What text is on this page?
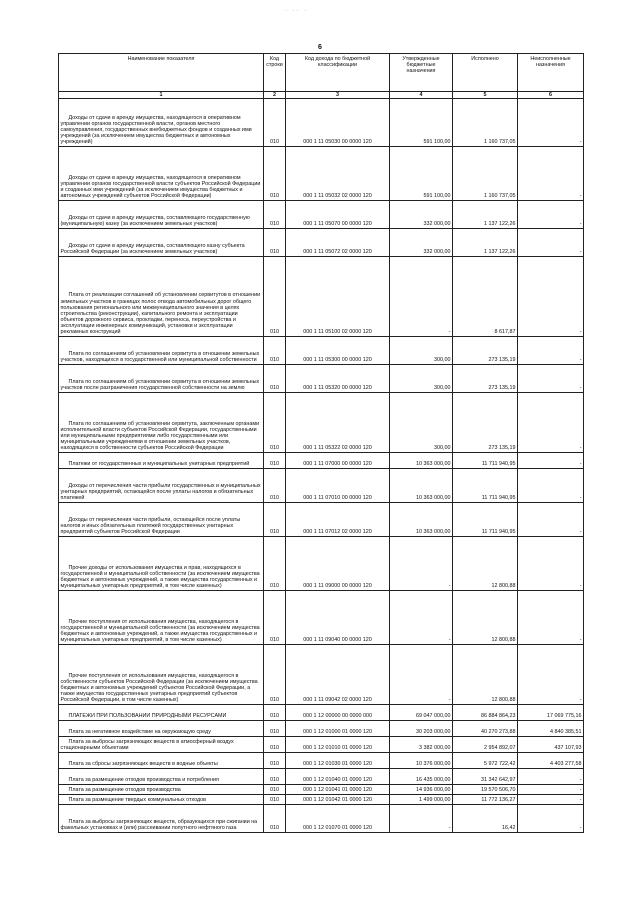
· ·· ·
6
Наименование показателя	Код строки	Код дохода по бюджетной классификации	Утвержденные бюджетные назначения	Исполнено	Неисполненные назначения
1	2	3	4	5	6
Доходы от сдачи в аренду имущества, находящегося в оперативном управлении органов государственной власти, органов местного самоуправления, государственных внебюджетных фондов и созданных ими учреждений (за исключением имущества бюджетных и автономных учреждений)	010	000 1 11 05030 00 0000 120	591 100,00	1 160 737,05	-
Доходы от сдачи в аренду имущества, находящегося в оперативном управлении органов государственной власти субъектов Российской Федерации и созданных ими учреждений (за исключением имущества бюджетных и автономных учреждений субъектов Российской Федерации)	010	000 1 11 05032 02 0000 120	591 100,00	1 160 737,05	-
Доходы от сдачи в аренду имущества, составляющего государственную (муниципальную) казну (за исключением земельных участков)	010	000 1 11 05070 00 0000 120	332 000,00	1 137 122,26	-
Доходы от сдачи в аренду имущества, составляющего казну субъекта Российской Федерации (за исключением земельных участков)	010	000 1 11 05072 02 0000 120	332 000,00	1 137 122,26	-
Плата от реализации соглашений об установлении сервитутов в отношении земельных участков в границах полос отвода автомобильных дорог общего пользования регионального или межмуниципального значения в целях строительства (реконструкции), капитального ремонта и эксплуатации объектов дорожного сервиса, прокладки, переноса, переустройства и эксплуатации инженерных коммуникаций, установки и эксплуатации рекламных конструкций	010	000 1 11 05100 02 0000 120	-	8 617,87	-
Плата по соглашениям об установлении сервитута в отношении земельных участков, находящихся в государственной или муниципальной собственности	010	000 1 11 05300 00 0000 120	300,00	273 135,19	-
Плата по соглашениям об установлении сервитута в отношении земельных участков после разграничения государственной собственности на землю	010	000 1 11 05320 00 0000 120	300,00	273 135,19	-
Плата по соглашениям об установлении сервитута, заключенным органами исполнительной власти субъектов Российской Федерации, государственными или муниципальными предприятиями либо государственными или муниципальными учреждениями в отношении земельных участков, находящихся в собственности субъектов Российской Федерации	010	000 1 11 05322 02 0000 120	300,00	273 135,19	-
Платежи от государственных и муниципальных унитарных предприятий	010	000 1 11 07000 00 0000 120	10 363 000,00	11 711 940,95	-
Доходы от перечисления части прибыли государственных и муниципальных унитарных предприятий, остающейся после уплаты налогов и обязательных платежей	010	000 1 11 07010 00 0000 120	10 363 000,00	11 711 940,95	-
Доходы от перечисления части прибыли, остающейся после уплаты налогов и иных обязательных платежей государственных унитарных предприятий субъектов Российской Федерации	010	000 1 11 07012 02 0000 120	10 363 000,00	11 711 940,95	-
Прочие доходы от использования имущества и прав, находящихся в государственной и муниципальной собственности (за исключением имущества бюджетных и автономных учреждений, а также имущества государственных и муниципальных унитарных предприятий, в том числе казенных)	010	000 1 11 09000 00 0000 120	-	12 800,88	-
Прочие поступления от использования имущества, находящегося в государственной и муниципальной собственности (за исключением имущества бюджетных и автономных учреждений, а также имущества государственных и муниципальных унитарных предприятий, в том числе казенных)	010	000 1 11 09040 00 0000 120	-	12 800,88	-
Прочие поступления от использования имущества, находящегося в собственности субъектов Российской Федерации (за исключением имущества бюджетных и автономных учреждений субъектов Российской Федерации, а также имущества государственных унитарных предприятий субъектов Российской Федерации, в том числе казенных)	010	000 1 11 09042 02 0000 120	-	12 800,88	-
ПЛАТЕЖИ ПРИ ПОЛЬЗОВАНИИ ПРИРОДНЫМИ РЕСУРСАМИ	010	000 1 12 00000 00 0000 000	69 047 000,00	86 884 864,23	17 069 775,16
Плата за негативное воздействие на окружающую среду	010	000 1 12 01000 01 0000 120	30 203 000,00	40 270 273,88	4 840 385,51
Плата за выбросы загрязняющих веществ в атмосферный воздух стационарными объектами	010	000 1 12 01010 01 0000 120	3 382 000,00	2 954 892,07	437 107,93
Плата за сбросы загрязняющих веществ в водные объекты	010	000 1 12 01030 01 0000 120	10 376 000,00	5 972 722,42	4 403 277,58
Плата за размещение отходов производства и потребления	010	000 1 12 01040 01 0000 120	16 435 000,00	31 342 642,97	-
Плата за размещение отходов производства	010	000 1 12 01041 01 0000 120	14 936 000,00	19 570 506,70	-
Плата за размещение твердых коммунальных отходов	010	000 1 12 01042 01 0000 120	1 499 000,00	11 772 136,27	-
Плата за выбросы загрязняющих веществ, образующихся при сжигании на факельных установках и (или) рассеивании попутного нефтяного газа	010	000 1 12 01070 01 0000 120	-	16,42	-
